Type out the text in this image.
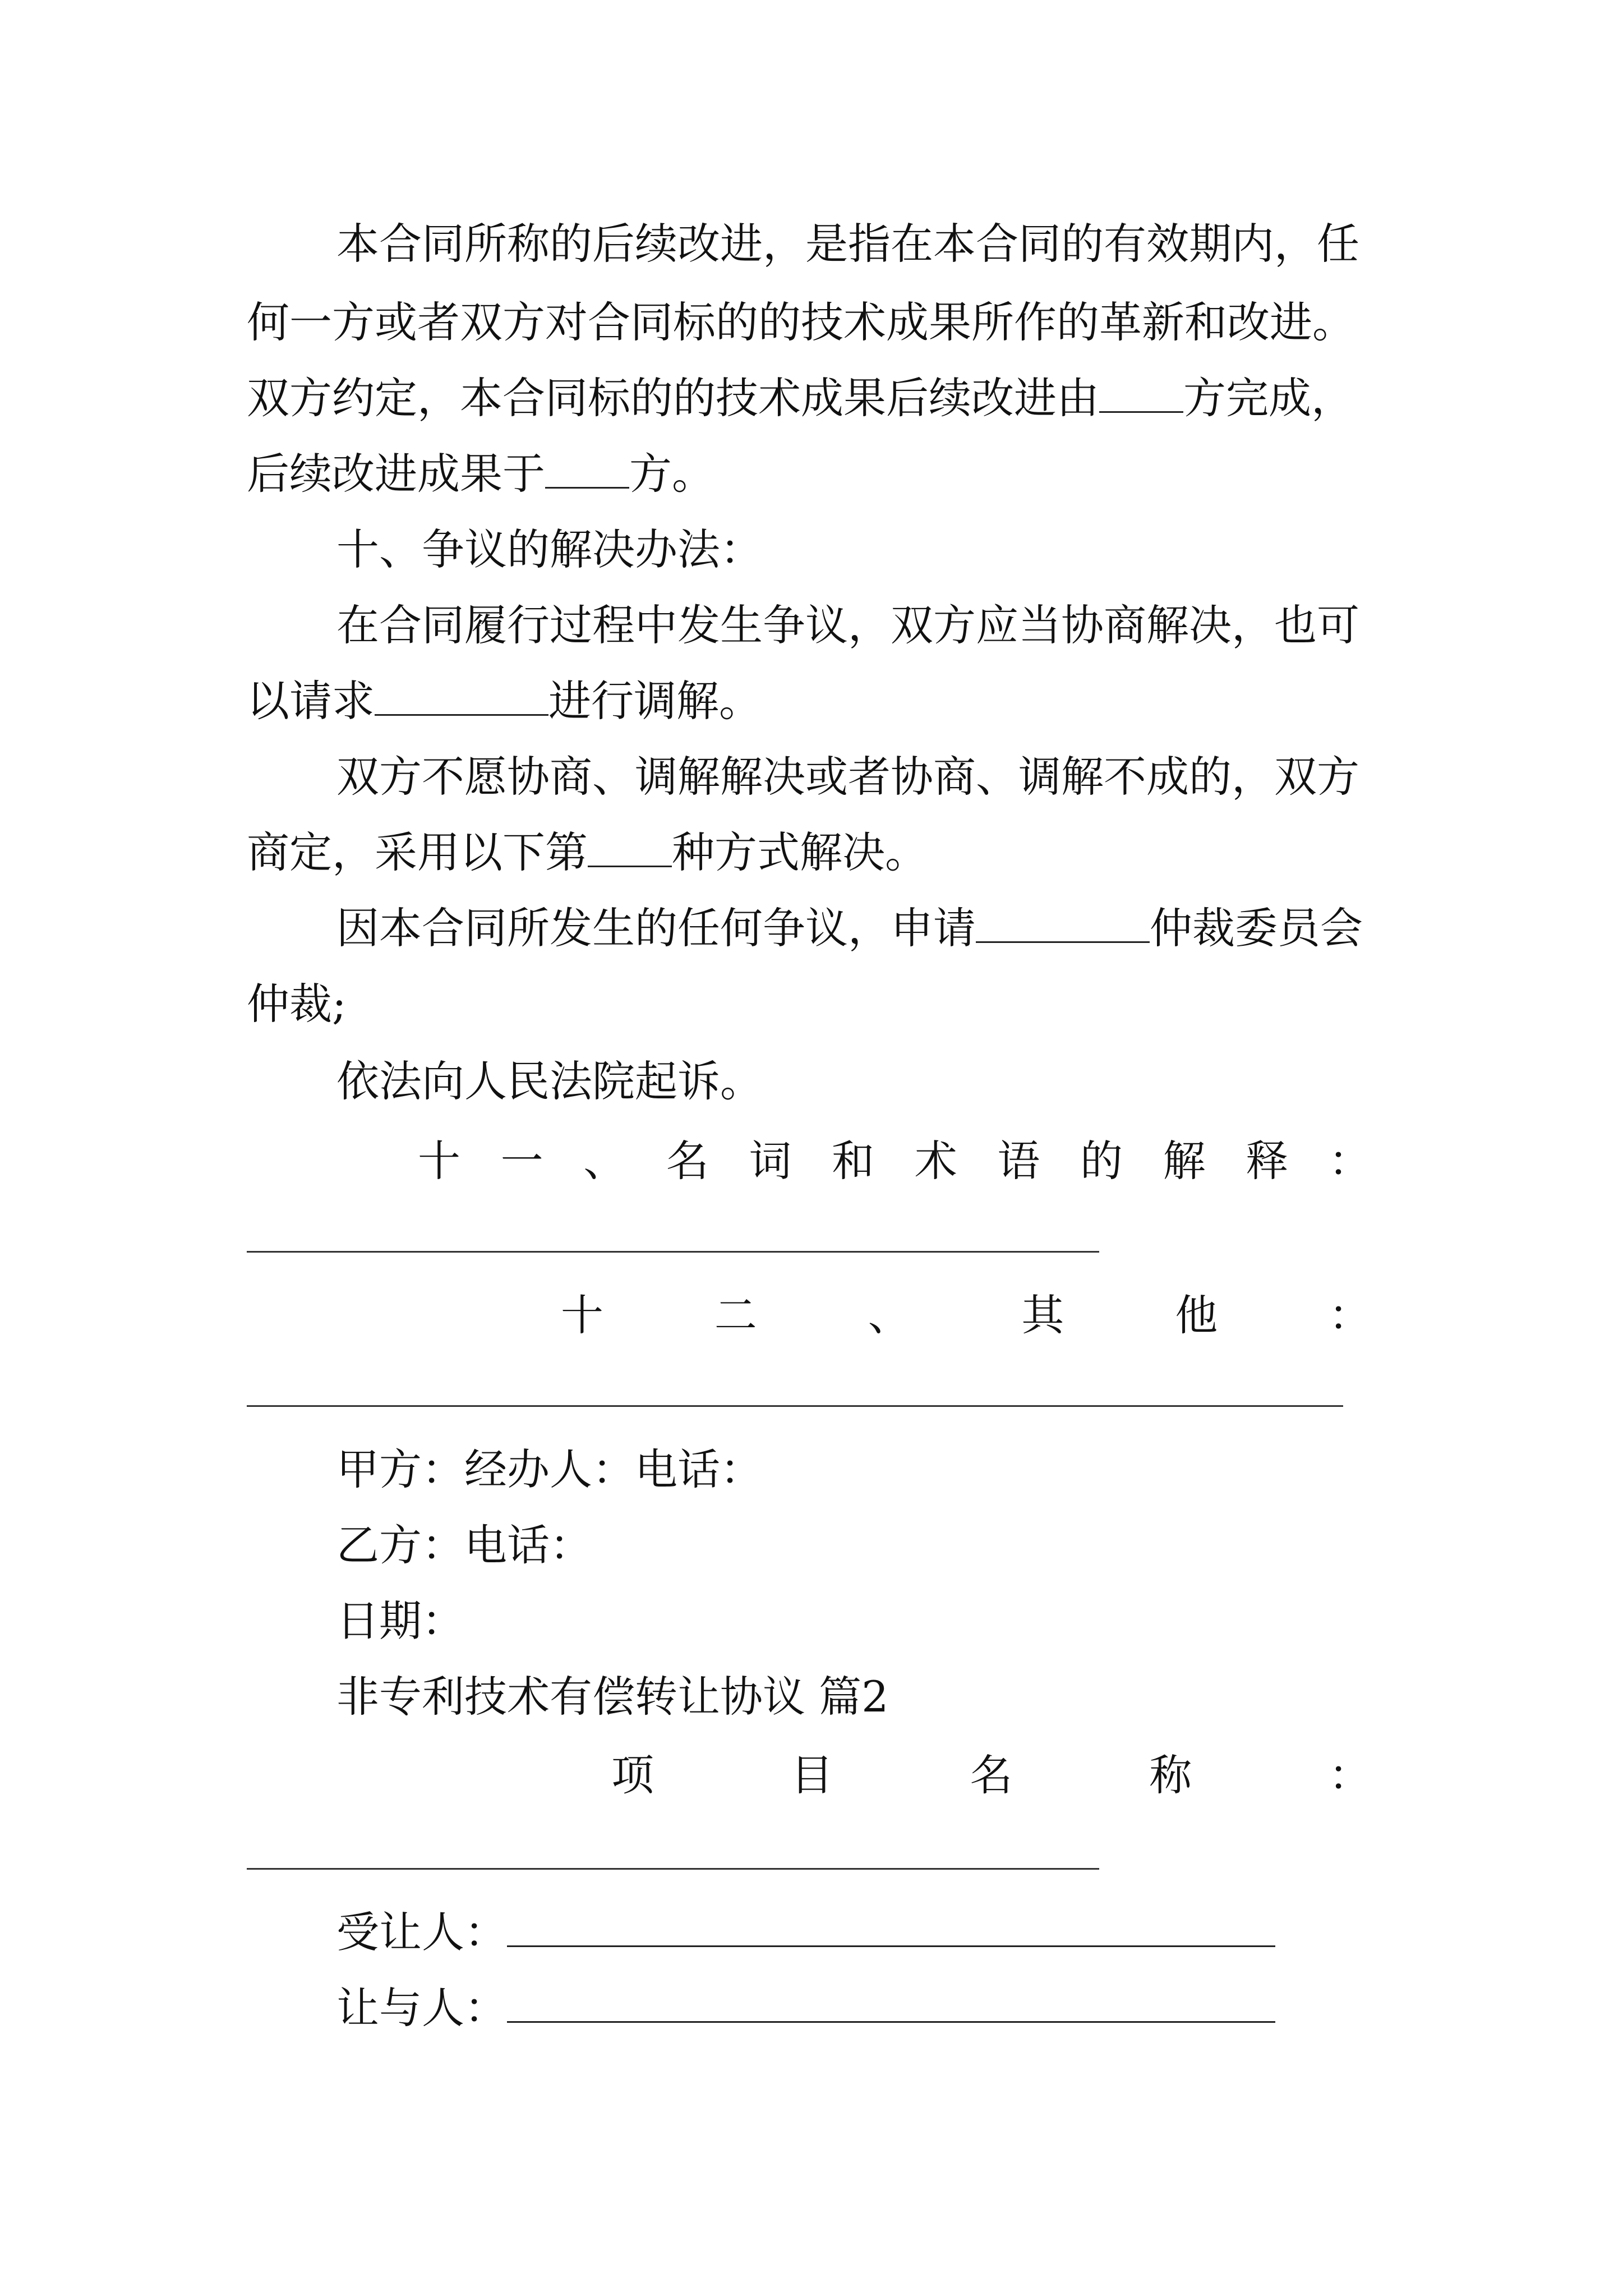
本合同所称的后续改进，是指在本合同的有效期内，任
何一方或者双方对合同标的的技术成果所作的革新和改进。
双方约定，本合同标的的技术成果后续改进由 方完成，
后续改进成果于 方。
十、争议的解决办法：
在合同履行过程中发生争议，双方应当协商解决，也可
以请求	进行调解。
双方不愿协商、调解解决或者协商、调解不成的，双方
商定，采用以下第 种方式解决。
因本合同所发生的任何争议，申请	仲裁委员会
仲裁;
依法向人民法院起诉。
十 一 、 名 词 和 术 语 的 解 释 ：
十	二	、	其	他	：
甲方：经办人：电话：
乙方：电话：
日期：
非专利技术有偿转让协议 篇2
项	目	名	称	：
受让人：
让与人：
